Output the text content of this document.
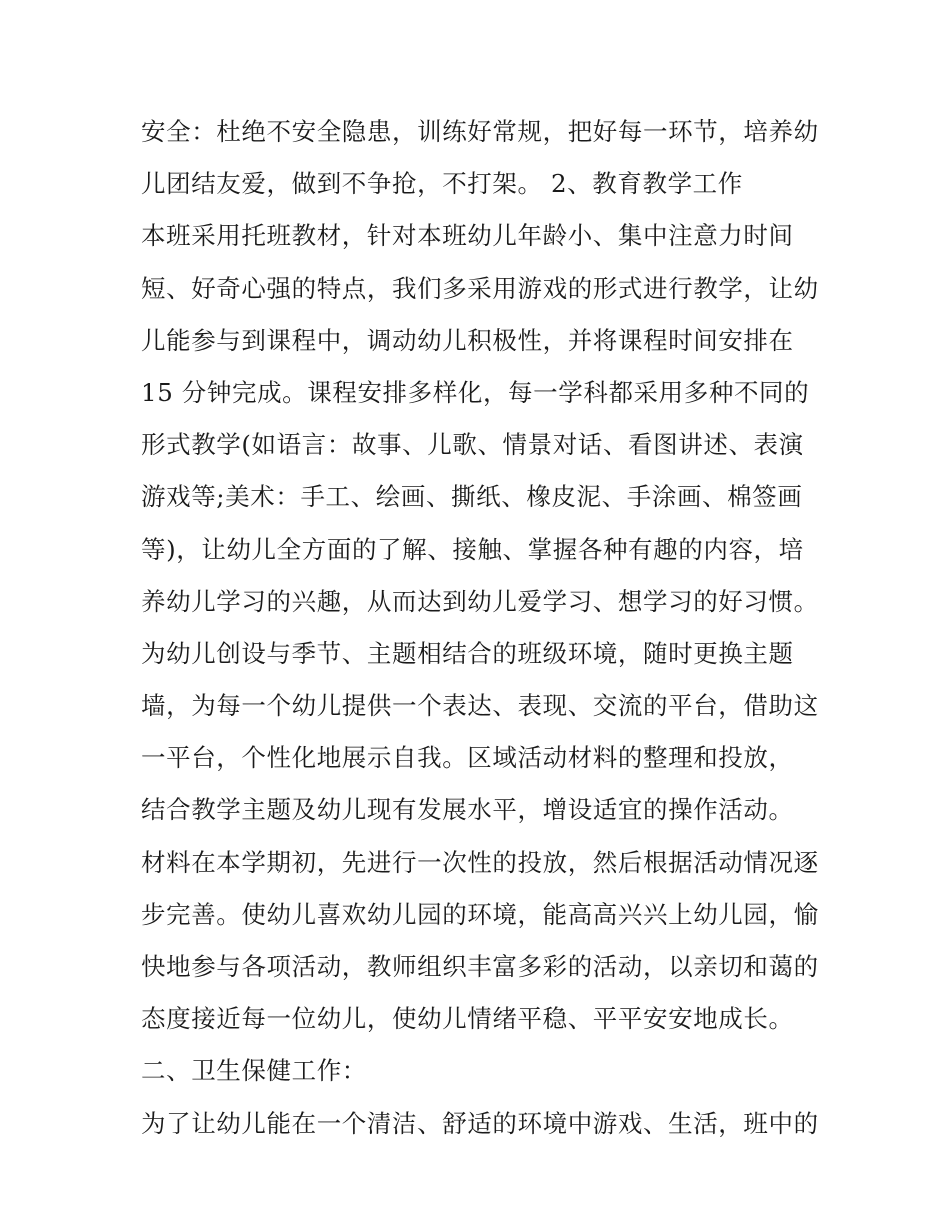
安全：杜绝不安全隐患，训练好常规，把好每一环节，培养幼
儿团结友爱，做到不争抢，不打架。 2、教育教学工作
本班采用托班教材，针对本班幼儿年龄小、集中注意力时间
短、好奇心强的特点，我们多采用游戏的形式进行教学，让幼
儿能参与到课程中，调动幼儿积极性，并将课程时间安排在
15 分钟完成。课程安排多样化，每一学科都采用多种不同的
形式教学(如语言：故事、儿歌、情景对话、看图讲述、表演
游戏等;美术：手工、绘画、撕纸、橡皮泥、手涂画、棉签画
等)，让幼儿全方面的了解、接触、掌握各种有趣的内容，培
养幼儿学习的兴趣，从而达到幼儿爱学习、想学习的好习惯。
为幼儿创设与季节、主题相结合的班级环境，随时更换主题
墙，为每一个幼儿提供一个表达、表现、交流的平台，借助这
一平台，个性化地展示自我。区域活动材料的整理和投放，
结合教学主题及幼儿现有发展水平，增设适宜的操作活动。
材料在本学期初，先进行一次性的投放，然后根据活动情况逐
步完善。使幼儿喜欢幼儿园的环境，能高高兴兴上幼儿园，愉
快地参与各项活动，教师组织丰富多彩的活动，以亲切和蔼的
态度接近每一位幼儿，使幼儿情绪平稳、平平安安地成长。
二、卫生保健工作：
为了让幼儿能在一个清洁、舒适的环境中游戏、生活，班中的
